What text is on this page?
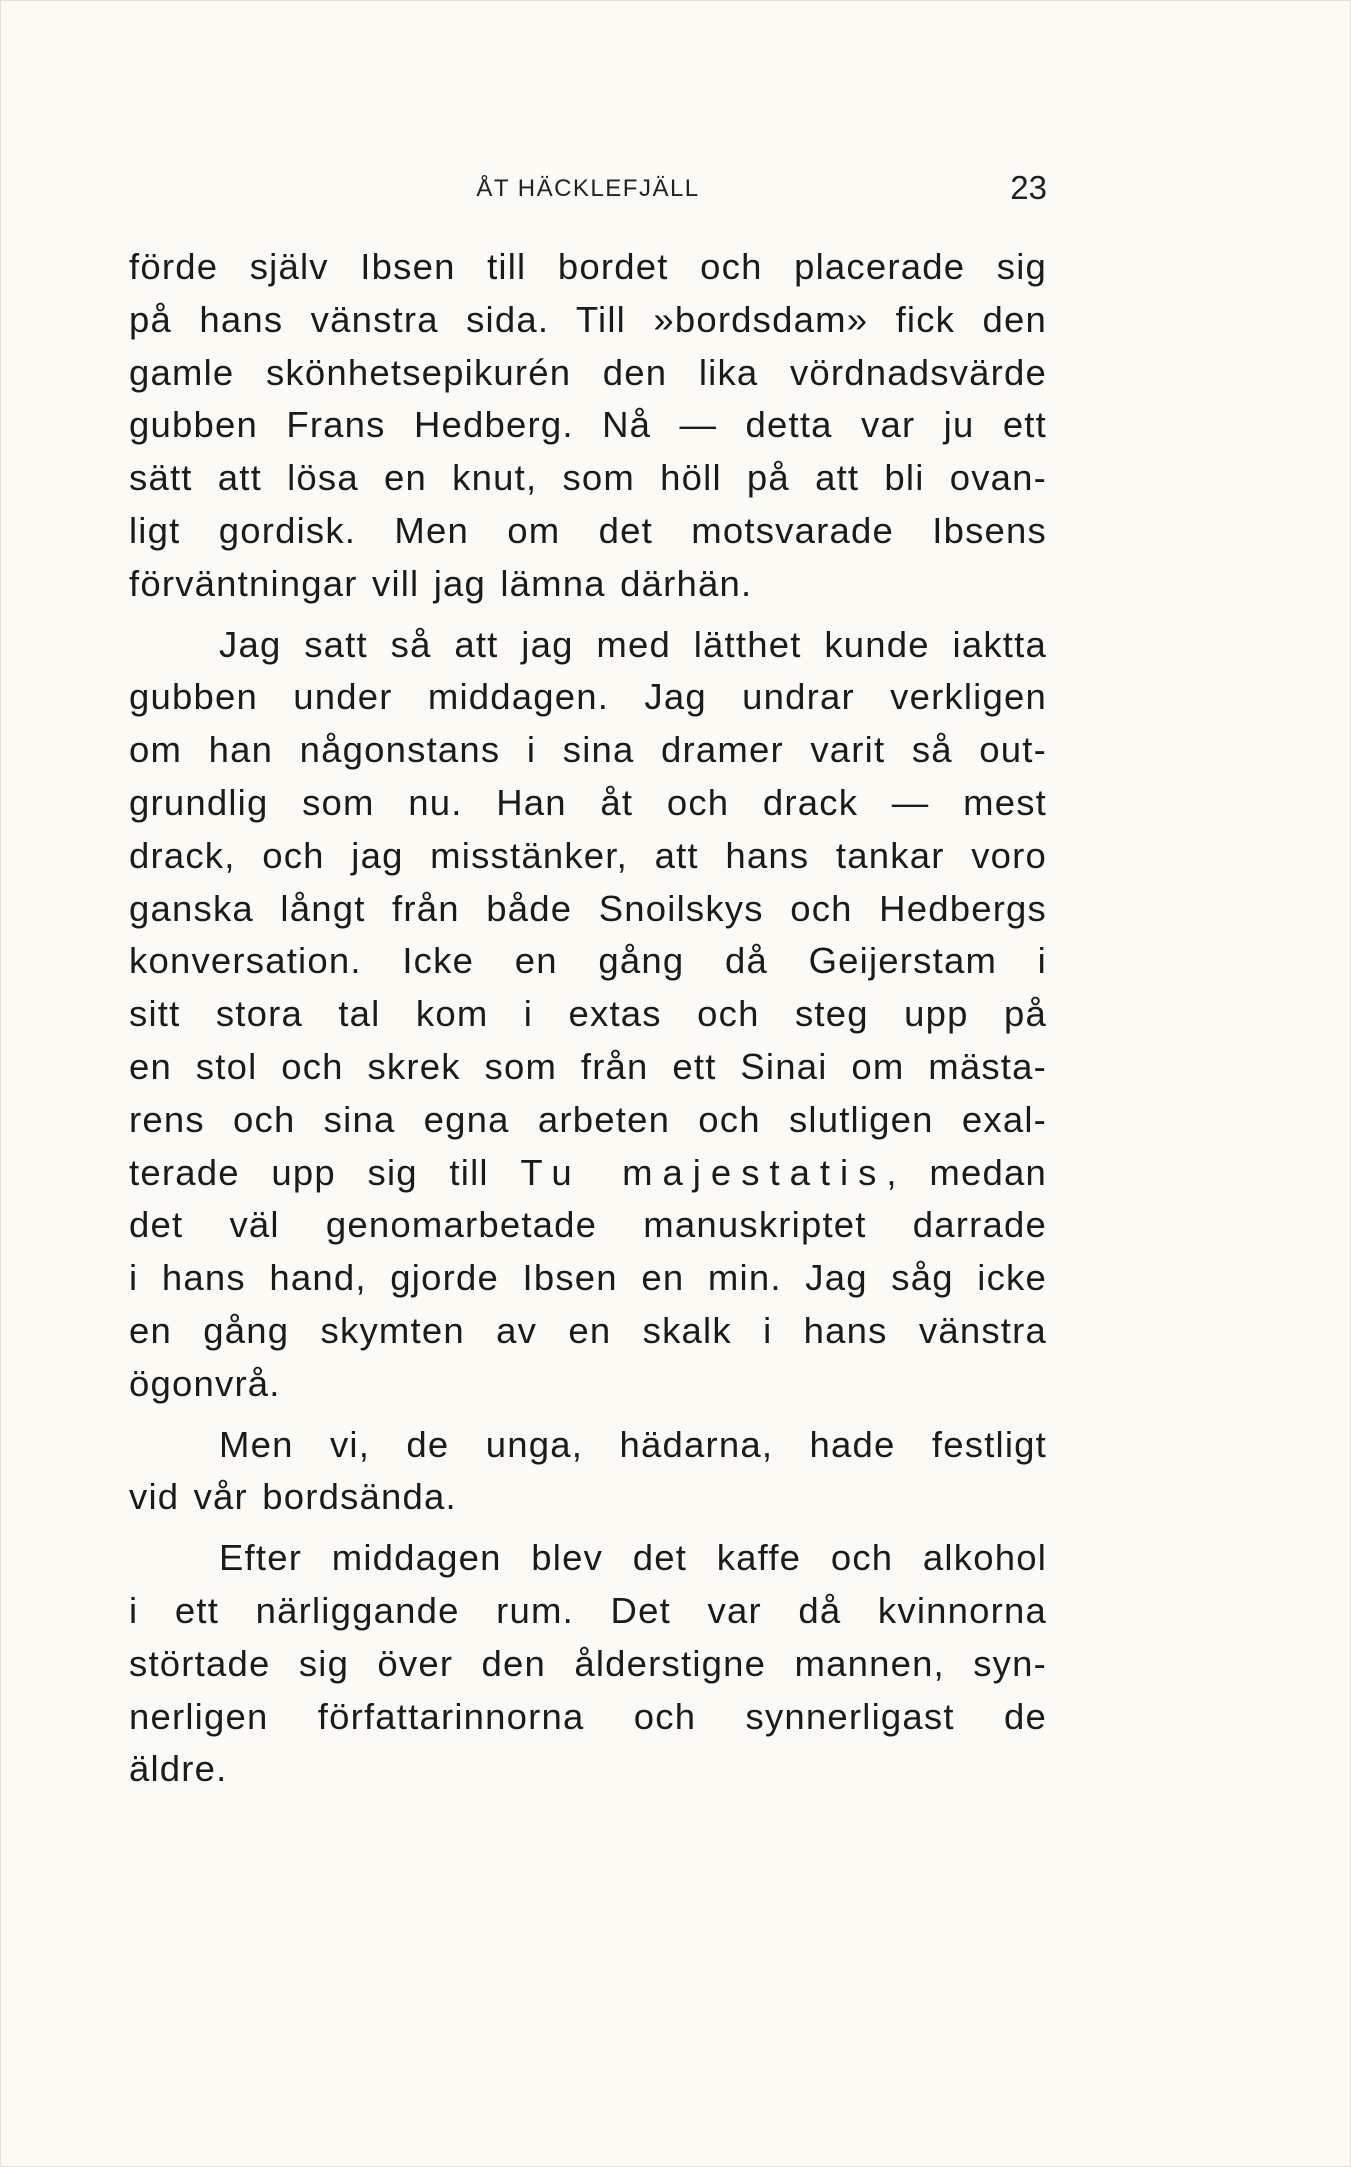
ÅT HÄCKLEFJÄLL	23

förde själv Ibsen till bordet och placerade sig
på hans vänstra sida. Till »bordsdam» fick den
gamle skönhetsepikurén den lika vördnadsvärde
gubben Frans Hedberg. Nå — detta var ju ett
sätt att lösa en knut, som höll på att bli ovan-
ligt gordisk. Men om det motsvarade Ibsens
förväntningar vill jag lämna därhän.

Jag satt så att jag med lätthet kunde iaktta
gubben under middagen. Jag undrar verkligen
om han någonstans i sina dramer varit så out-
grundlig som nu. Han åt och drack — mest
drack, och jag misstänker, att hans tankar voro
ganska långt från både Snoilskys och Hedbergs
konversation. Icke en gång då Geijerstam i
sitt stora tal kom i extas och steg upp på
en stol och skrek som från ett Sinai om mästa-
rens och sina egna arbeten och slutligen exal-
terade upp sig till Tu majestatis, medan
det väl genomarbetade manuskriptet darrade
i hans hand, gjorde Ibsen en min. Jag såg icke
en gång skymten av en skalk i hans vänstra
ögonvrå.

Men vi, de unga, hädarna, hade festligt
vid vår bordsända.

Efter middagen blev det kaffe och alkohol
i ett närliggande rum. Det var då kvinnorna
störtade sig över den ålderstigne mannen, syn-
nerligen författarinnorna och synnerligast de
äldre.
